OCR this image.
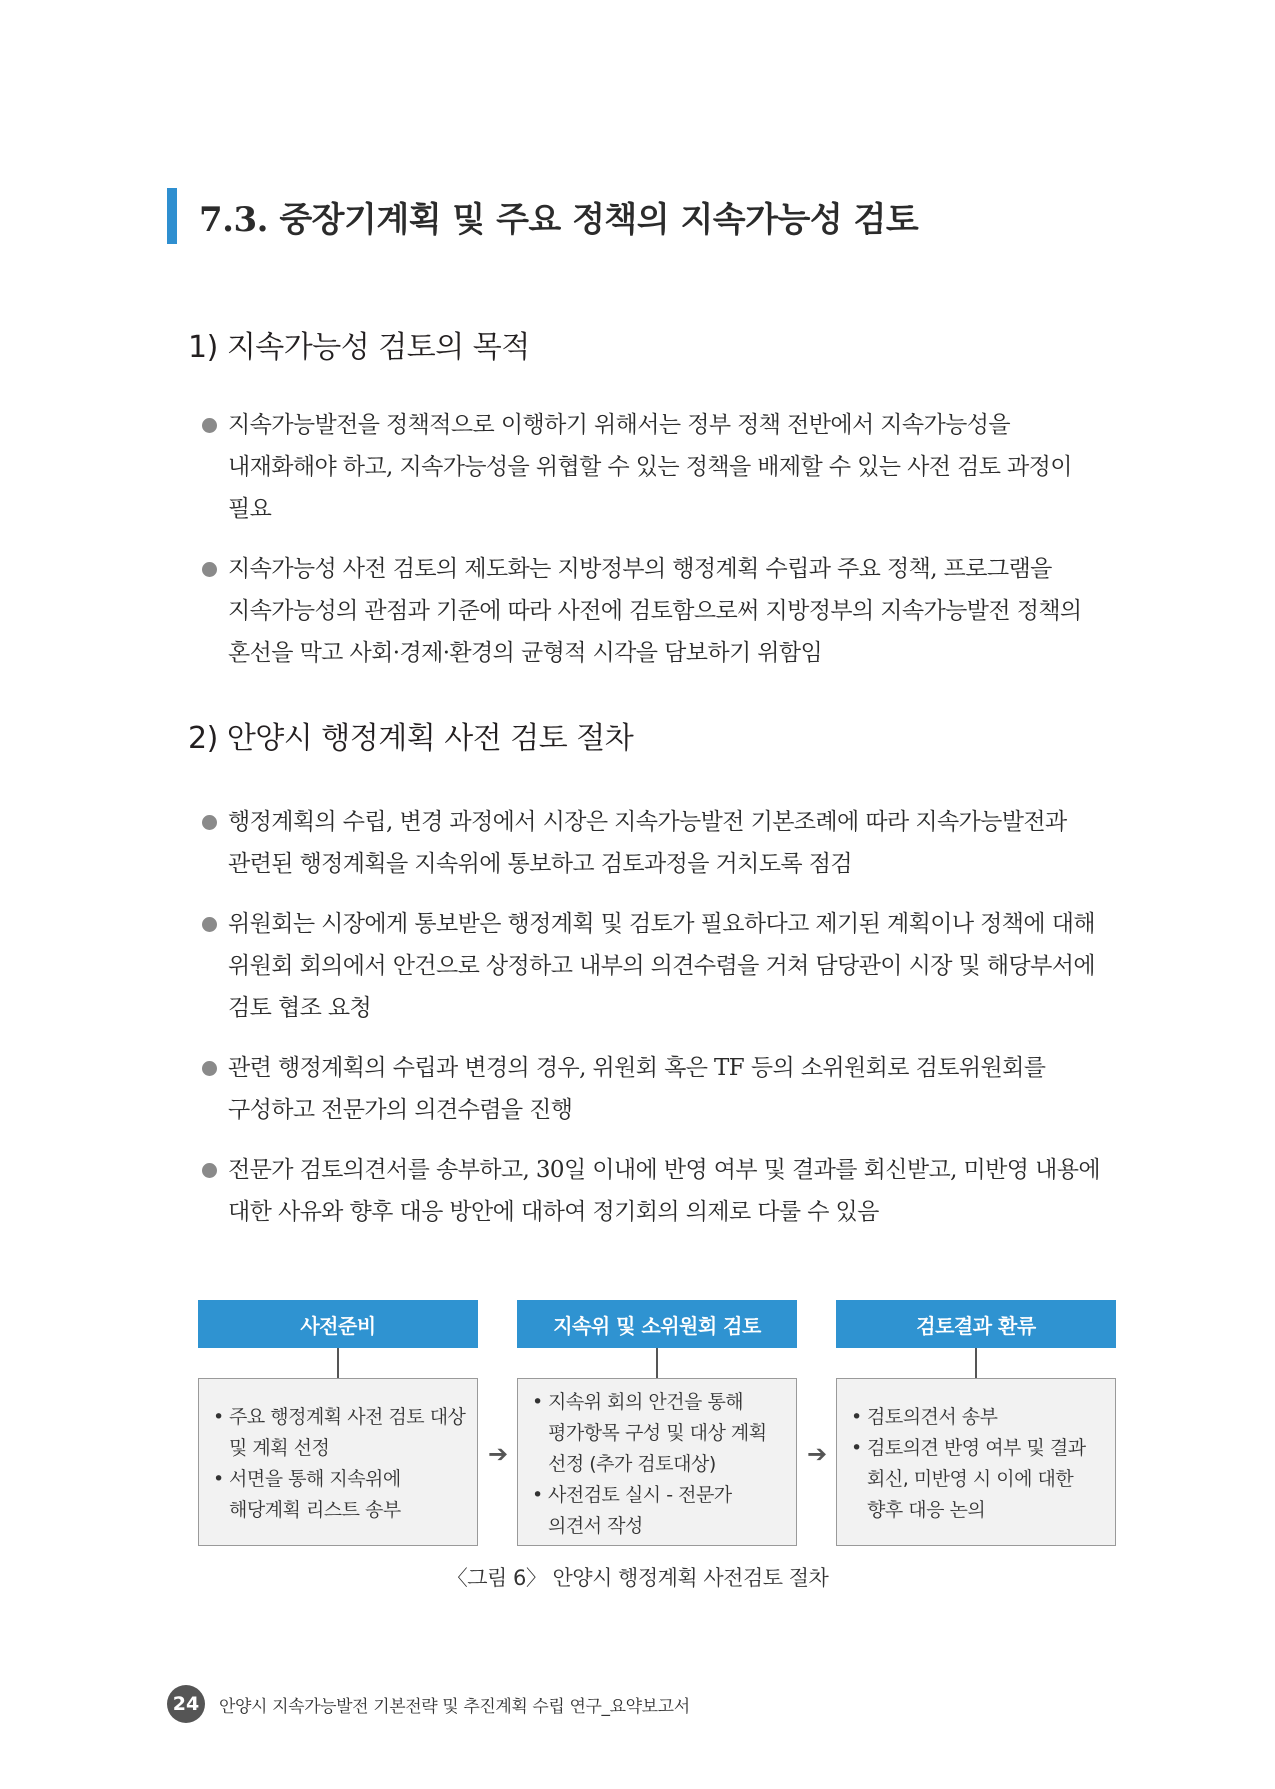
7.3. 중장기계획 및 주요 정책의 지속가능성 검토
1) 지속가능성 검토의 목적
지속가능발전을 정책적으로 이행하기 위해서는 정부 정책 전반에서 지속가능성을 내재화해야 하고, 지속가능성을 위협할 수 있는 정책을 배제할 수 있는 사전 검토 과정이 필요
지속가능성 사전 검토의 제도화는 지방정부의 행정계획 수립과 주요 정책, 프로그램을 지속가능성의 관점과 기준에 따라 사전에 검토함으로써 지방정부의 지속가능발전 정책의 혼선을 막고 사회·경제·환경의 균형적 시각을 담보하기 위함임
2) 안양시 행정계획 사전 검토 절차
행정계획의 수립, 변경 과정에서 시장은 지속가능발전 기본조례에 따라 지속가능발전과 관련된 행정계획을 지속위에 통보하고 검토과정을 거치도록 점검
위원회는 시장에게 통보받은 행정계획 및 검토가 필요하다고 제기된 계획이나 정책에 대해 위원회 회의에서 안건으로 상정하고 내부의 의견수렴을 거쳐 담당관이 시장 및 해당부서에 검토 협조 요청
관련 행정계획의 수립과 변경의 경우, 위원회 혹은 TF 등의 소위원회로 검토위원회를 구성하고 전문가의 의견수렴을 진행
전문가 검토의견서를 송부하고, 30일 이내에 반영 여부 및 결과를 회신받고, 미반영 내용에 대한 사유와 향후 대응 방안에 대하여 정기회의 의제로 다룰 수 있음
사전준비
• 주요 행정계획 사전 검토 대상 및 계획 선정
• 서면을 통해 지속위에 해당계획 리스트 송부
➔
지속위 및 소위원회 검토
• 지속위 회의 안건을 통해 평가항목 구성 및 대상 계획 선정 (추가 검토대상)
• 사전검토 실시 - 전문가 의견서 작성
➔
검토결과 환류
• 검토의견서 송부
• 검토의견 반영 여부 및 결과 회신, 미반영 시 이에 대한 향후 대응 논의
〈그림 6〉 안양시 행정계획 사전검토 절차
24	안양시 지속가능발전 기본전략 및 추진계획 수립 연구_요약보고서
